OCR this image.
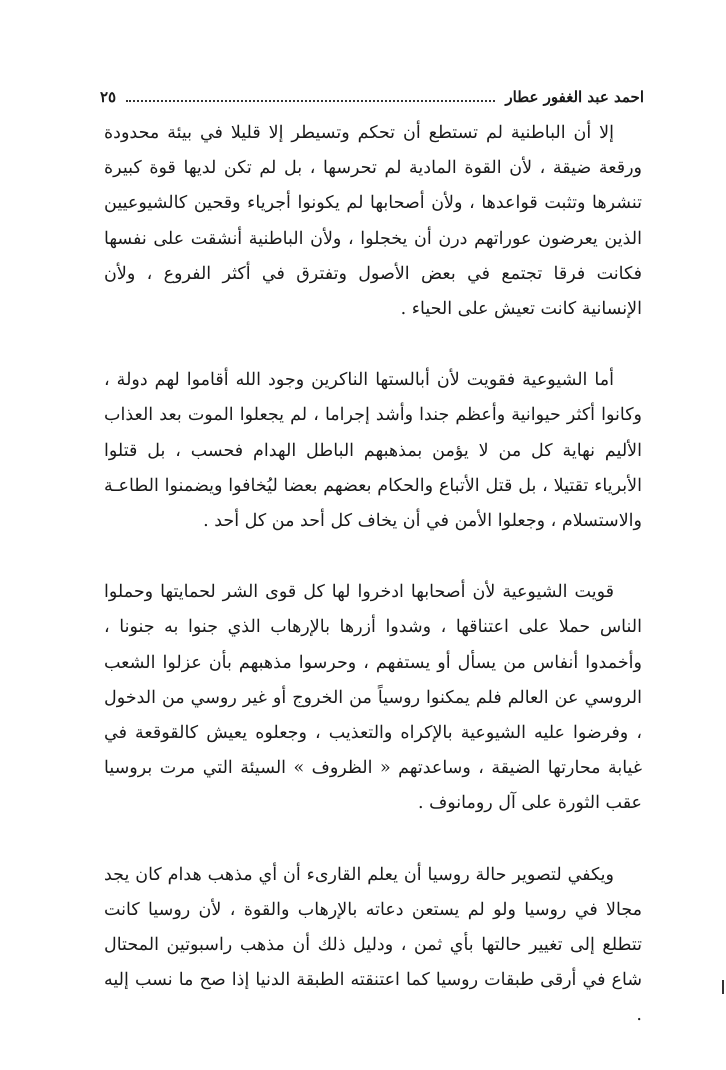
احمد عبد الغفور عطار
٢٥

إلا أن الباطنية لم تستطع أن تحكم وتسيطر إلا قليلا في بيئة محدودة ورقعة ضيقة ، لأن القوة المادية لم تحرسها ، بل لم تكن لديها قوة كبيرة تنشرها وتثبت قواعدها ، ولأن أصحابها لم يكونوا أجرياء وقحين كالشيوعيين الذين يعرضون عوراتهم درن أن يخجلوا ، ولأن الباطنية أنشقت على نفسها فكانت فرقا تجتمع في بعض الأصول وتفترق في أكثر الفروع ، ولأن الإنسانية كانت تعيش على الحياء .

أما الشيوعية فقويت لأن أبالستها الناكرين وجود الله أقاموا لهم دولة ، وكانوا أكثر حيوانية وأعظم جندا وأشد إجراما ، لم يجعلوا الموت بعد العذاب الأليم نهاية كل من لا يؤمن بمذهبهم الباطل الهدام فحسب ، بل قتلوا الأبرياء تقتيلا ، بل قتل الأتباع والحكام بعضهم بعضا ليُخافوا ويضمنوا الطاعـة والاستسلام ، وجعلوا الأمن في أن يخاف كل أحد من كل أحد .

قويت الشيوعية لأن أصحابها ادخروا لها كل قوى الشر لحمايتها وحملوا الناس حملا على اعتناقها ، وشدوا أزرها بالإرهاب الذي جنوا به جنونا ، وأخمدوا أنفاس من يسأل أو يستفهم ، وحرسوا مذهبهم بأن عزلوا الشعب الروسي عن العالم فلم يمكنوا روسياً من الخروج أو غير روسي من الدخول ، وفرضوا عليه الشيوعية بالإكراه والتعذيب ، وجعلوه يعيش كالقوقعة في غيابة محارتها الضيقة ، وساعدتهم « الظروف » السيئة التي مرت بروسيا عقب الثورة على آل رومانوف .

ويكفي لتصوير حالة روسيا أن يعلم القارىء أن أي مذهب هدام كان يجد مجالا في روسيا ولو لم يستعن دعاته بالإرهاب والقوة ، لأن روسيا كانت تتطلع إلى تغيير حالتها بأي ثمن ، ودليل ذلك أن مذهب راسبوتين المحتال شاع في أرقى طبقات روسيا كما اعتنقته الطبقة الدنيا إذا صح ما نسب إليه .
